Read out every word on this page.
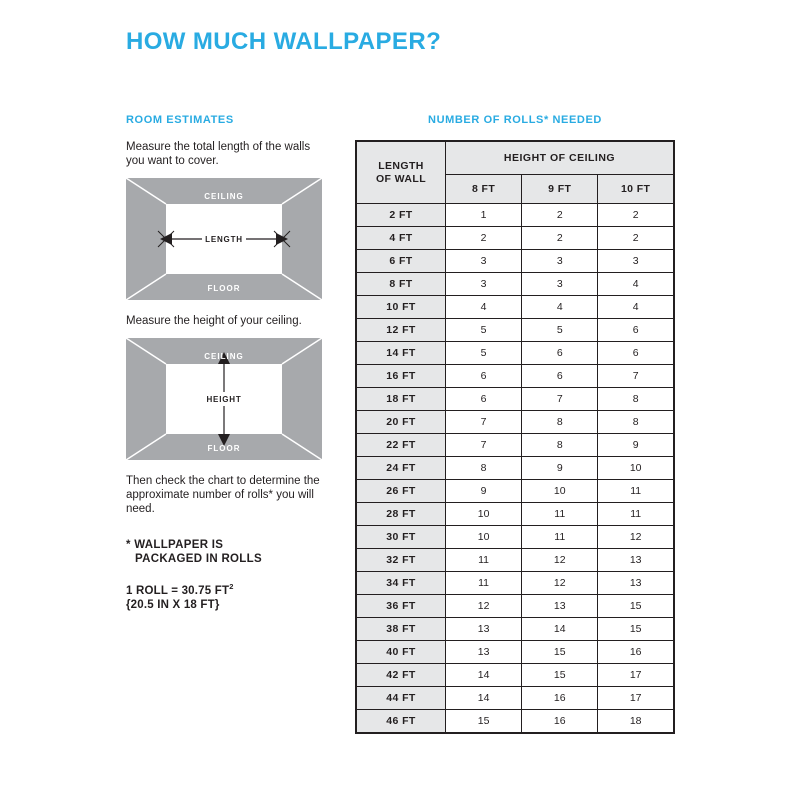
HOW MUCH WALLPAPER?
ROOM ESTIMATES

Measure the total length of the walls you want to cover.

CEILING
FLOOR
LENGTH

Measure the height of your ceiling.

CEILING
FLOOR
HEIGHT

Then check the chart to determine the approximate number of rolls* you will need.

* WALLPAPER IS
PACKAGED IN ROLLS
1 ROLL = 30.75 $FT^2$
{20.5 IN X 18 FT}
NUMBER OF ROLLS* NEEDED
LENGTH
OF WALL	HEIGHT OF CEILING		
	8 FT	9 FT	10 FT
2 FT	1	2	2
4 FT	2	2	2
6 FT	3	3	3
8 FT	3	3	4
10 FT	4	4	4
12 FT	5	5	6
14 FT	5	6	6
16 FT	6	6	7
18 FT	6	7	8
20 FT	7	8	8
22 FT	7	8	9
24 FT	8	9	10
26 FT	9	10	11
28 FT	10	11	11
30 FT	10	11	12
32 FT	11	12	13
34 FT	11	12	13
36 FT	12	13	15
38 FT	13	14	15
40 FT	13	15	16
42 FT	14	15	17
44 FT	14	16	17
46 FT	15	16	18
